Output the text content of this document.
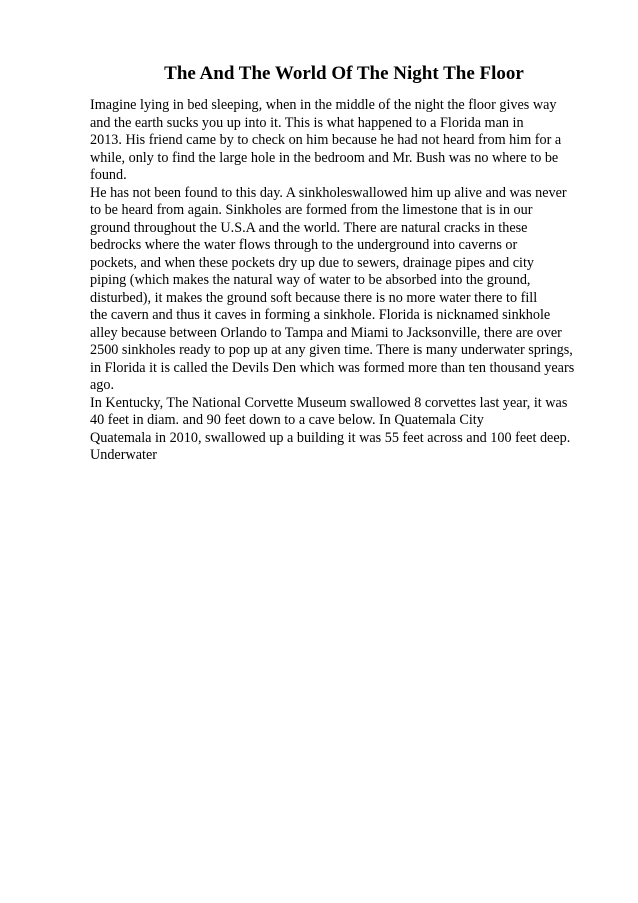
The And The World Of The Night The Floor
Imagine lying in bed sleeping, when in the middle of the night the floor gives way
and the earth sucks you up into it. This is what happened to a Florida man in
2013. His friend came by to check on him because he had not heard from him for a
while, only to find the large hole in the bedroom and Mr. Bush was no where to be
found.
He has not been found to this day. A sinkholeswallowed him up alive and was never
to be heard from again. Sinkholes are formed from the limestone that is in our
ground throughout the U.S.A and the world. There are natural cracks in these
bedrocks where the water flows through to the underground into caverns or
pockets, and when these pockets dry up due to sewers, drainage pipes and city
piping (which makes the natural way of water to be absorbed into the ground,
disturbed), it makes the ground soft because there is no more water there to fill
the cavern and thus it caves in forming a sinkhole. Florida is nicknamed sinkhole
alley because between Orlando to Tampa and Miami to Jacksonville, there are over
2500 sinkholes ready to pop up at any given time. There is many underwater springs,
in Florida it is called the Devils Den which was formed more than ten thousand years
ago.
In Kentucky, The National Corvette Museum swallowed 8 corvettes last year, it was
40 feet in diam. and 90 feet down to a cave below. In Quatemala City
Quatemala in 2010, swallowed up a building it was 55 feet across and 100 feet deep.
Underwater
